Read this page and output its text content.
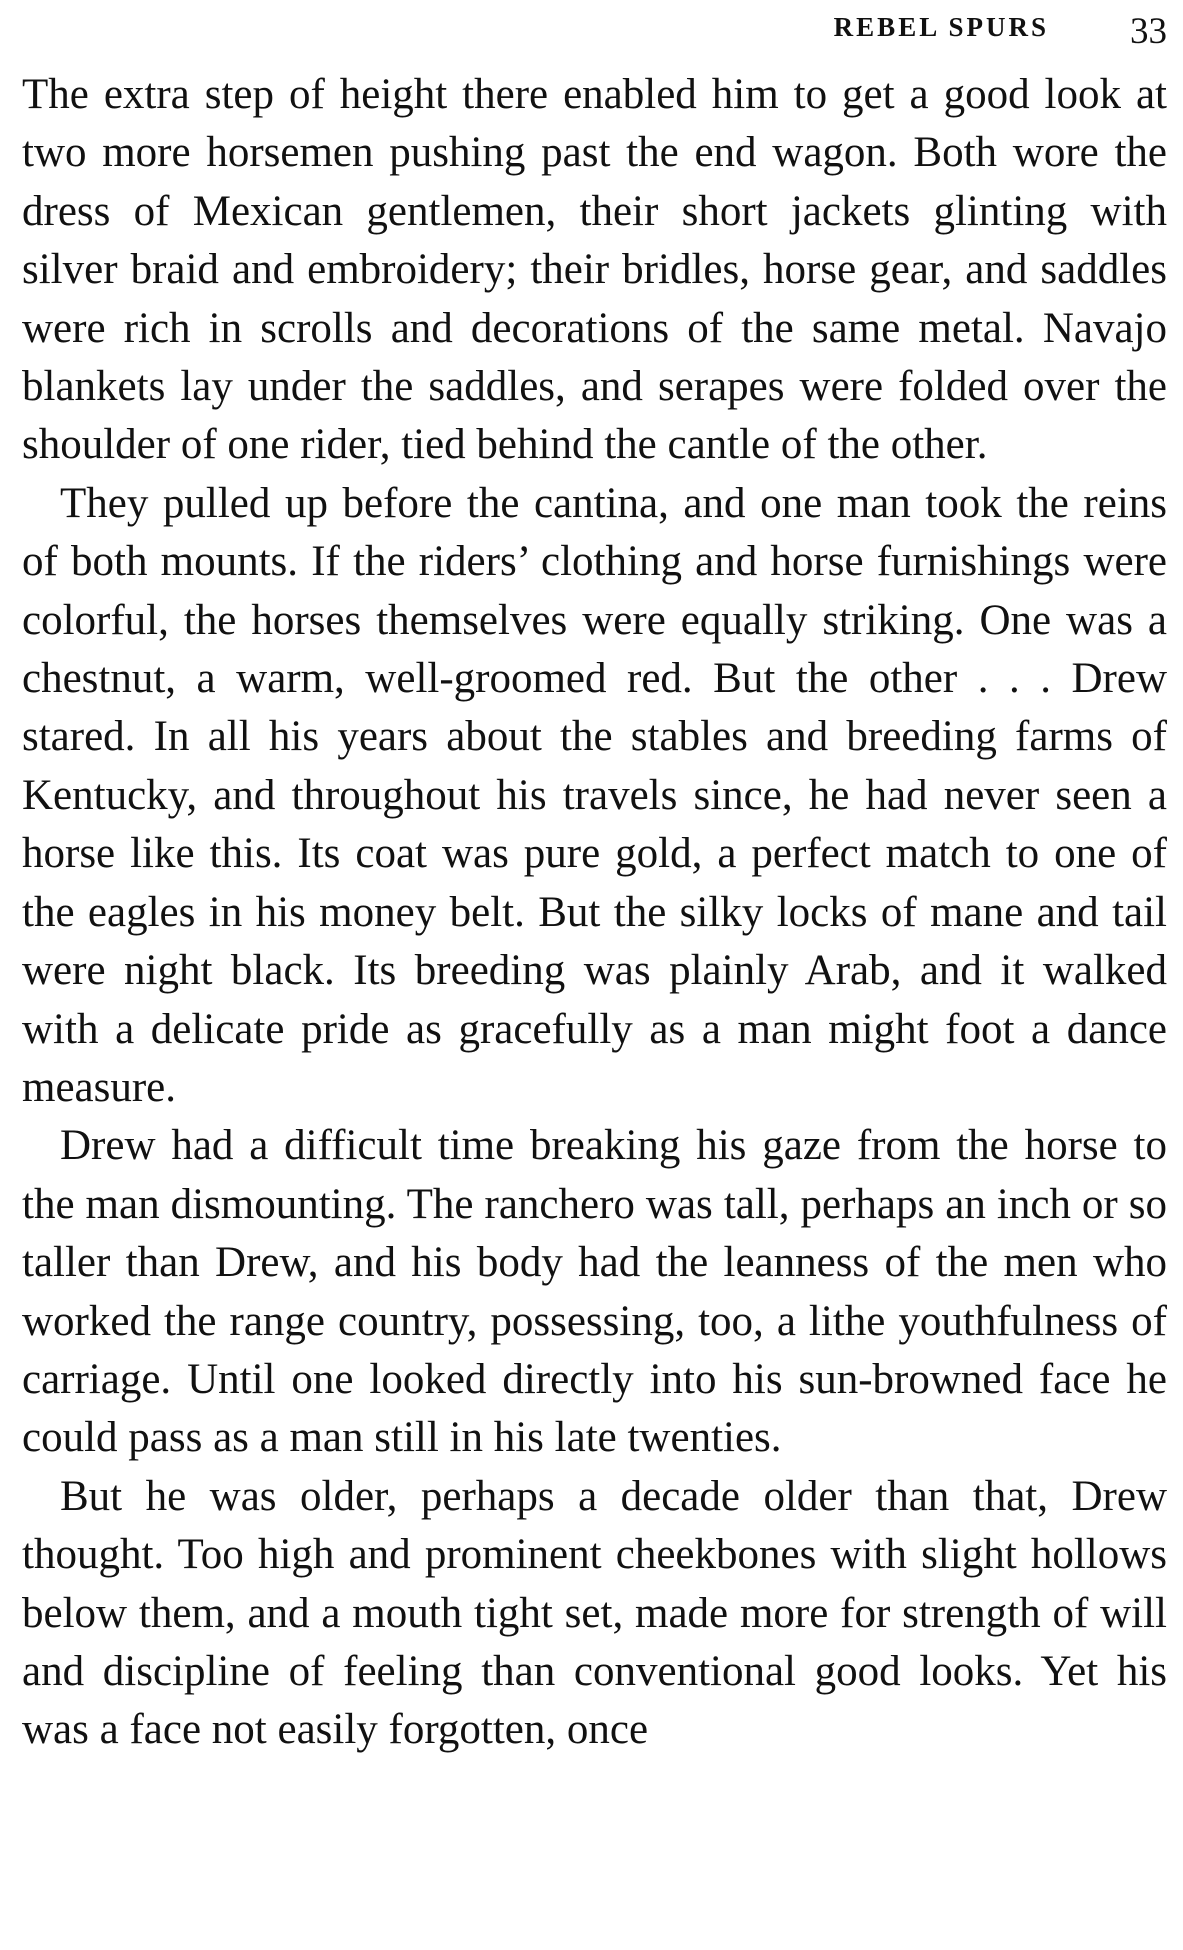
REBEL SPURS 33

The extra step of height there enabled him to get a good look at two more horsemen pushing past the end wagon. Both wore the dress of Mexican gentlemen, their short jackets glinting with silver braid and embroidery; their bridles, horse gear, and saddles were rich in scrolls and decorations of the same metal. Navajo blankets lay under the saddles, and serapes were folded over the shoulder of one rider, tied behind the cantle of the other.

They pulled up before the cantina, and one man took the reins of both mounts. If the riders’ clothing and horse furnishings were colorful, the horses themselves were equally striking. One was a chestnut, a warm, well-groomed red. But the other . . . Drew stared. In all his years about the stables and breeding farms of Kentucky, and throughout his travels since, he had never seen a horse like this. Its coat was pure gold, a perfect match to one of the eagles in his money belt. But the silky locks of mane and tail were night black. Its breeding was plainly Arab, and it walked with a delicate pride as gracefully as a man might foot a dance measure.

Drew had a difficult time breaking his gaze from the horse to the man dismounting. The ranchero was tall, perhaps an inch or so taller than Drew, and his body had the leanness of the men who worked the range country, possessing, too, a lithe youthfulness of carriage. Until one looked directly into his sun-browned face he could pass as a man still in his late twenties.

But he was older, perhaps a decade older than that, Drew thought. Too high and prominent cheekbones with slight hollows below them, and a mouth tight set, made more for strength of will and discipline of feeling than conventional good looks. Yet his was a face not easily forgotten, once
